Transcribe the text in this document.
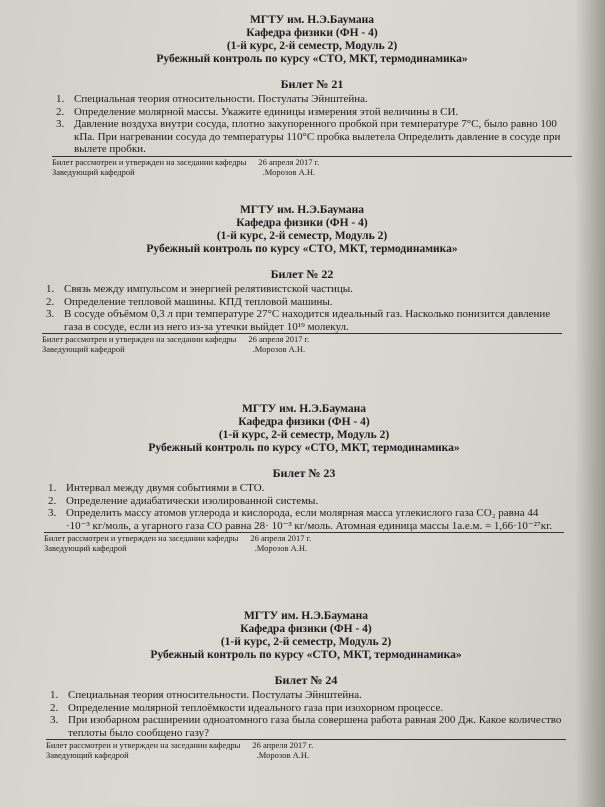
МГТУ им. Н.Э.Баумана
Кафедра физики (ФН - 4)
(1-й курс, 2-й семестр, Модуль 2)
Рубежный контроль по курсу «СТО, МКТ, термодинамика»
Билет № 21
1. Специальная теория относительности. Постулаты Эйнштейна.
2. Определение молярной массы. Укажите единицы измерения этой величины в СИ.
3. Давление воздуха внутри сосуда, плотно закупоренного пробкой при температуре 7°С, было равно 100 кПа. При нагревании сосуда до температуры 110°С пробка вылетела Определить давление в сосуде при вылете пробки.
Билет рассмотрен и утвержден на заседании кафедры 26 апреля 2017 г.
Заведующий кафедрой	.Морозов А.Н.
МГТУ им. Н.Э.Баумана
Кафедра физики (ФН - 4)
(1-й курс, 2-й семестр, Модуль 2)
Рубежный контроль по курсу «СТО, МКТ, термодинамика»
Билет № 22
1. Связь между импульсом и энергией релятивистской частицы.
2. Определение тепловой машины. КПД тепловой машины.
3. В сосуде объёмом 0,3 л при температуре 27°С находится идеальный газ. Насколько понизится давление газа в сосуде, если из него из-за утечки выйдет 10¹⁹ молекул.
Билет рассмотрен и утвержден на заседании кафедры 26 апреля 2017 г.
Заведующий кафедрой	.Морозов А.Н.
МГТУ им. Н.Э.Баумана
Кафедра физики (ФН - 4)
(1-й курс, 2-й семестр, Модуль 2)
Рубежный контроль по курсу «СТО, МКТ, термодинамика»
Билет № 23
1. Интервал между двумя событиями в СТО.
2. Определение адиабатически изолированной системы.
3. Определить массу атомов углерода и кислорода, если молярная масса углекислого газа СО₂ равна 44 ·10⁻³ кг/моль, а угарного газа СО равна 28· 10⁻³ кг/моль. Атомная единица массы 1а.е.м. = 1,66·10⁻²⁷кг.
Билет рассмотрен и утвержден на заседании кафедры 26 апреля 2017 г.
Заведующий кафедрой	.Морозов А.Н.
МГТУ им. Н.Э.Баумана
Кафедра физики (ФН - 4)
(1-й курс, 2-й семестр, Модуль 2)
Рубежный контроль по курсу «СТО, МКТ, термодинамика»
Билет № 24
1. Специальная теория относительности. Постулаты Эйнштейна.
2. Определение молярной теплоёмкости идеального газа при изохорном процессе.
3. При изобарном расширении одноатомного газа была совершена работа равная 200 Дж. Какое количество теплоты было сообщено газу?
Билет рассмотрен и утвержден на заседании кафедры 26 апреля 2017 г.
Заведующий кафедрой	.Морозов А.Н.
